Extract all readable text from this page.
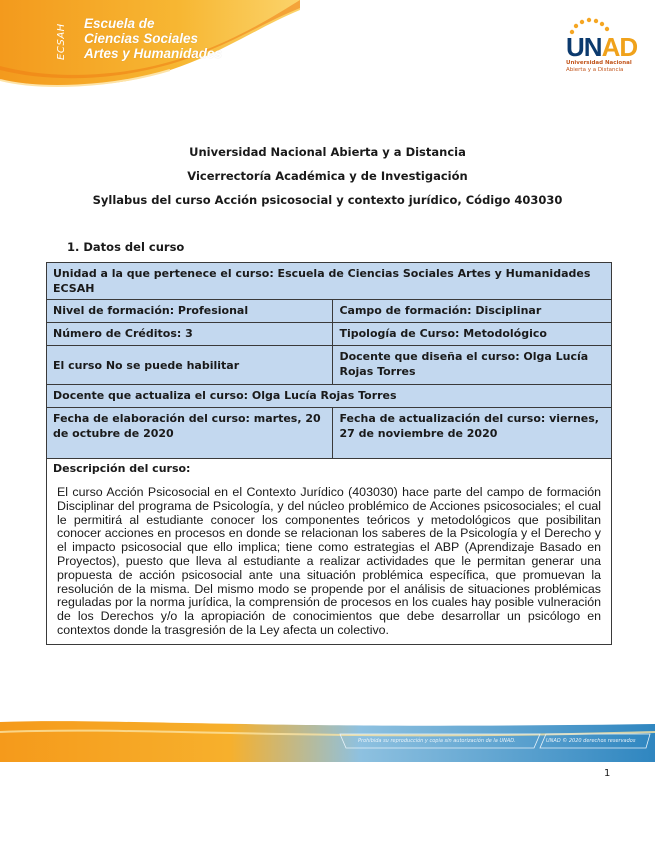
ECSAH
Escuela de
Ciencias Sociales
Artes y Humanidades	UNAD
Universidad Nacional
Abierta y a Distancia
Universidad Nacional Abierta y a Distancia
Vicerrectoría Académica y de Investigación
Syllabus del curso Acción psicosocial y contexto jurídico, Código 403030
1. Datos del curso
Unidad a la que pertenece el curso: Escuela de Ciencias Sociales Artes y Humanidades ECSAH	
Nivel de formación: Profesional	Campo de formación: Disciplinar
Número de Créditos: 3	Tipología de Curso: Metodológico
El curso No se puede habilitar	Docente que diseña el curso: Olga Lucía Rojas Torres
Docente que actualiza el curso: Olga Lucía Rojas Torres	
Fecha de elaboración del curso: martes, 20 de octubre de 2020	Fecha de actualización del curso: viernes, 27 de noviembre de 2020

Descripción del curso:
El curso Acción Psicosocial en el Contexto Jurídico (403030) hace parte del campo de formación Disciplinar del programa de Psicología, y del núcleo problémico de Acciones psicosociales; el cual le permitirá al estudiante conocer los componentes teóricos y metodológicos que posibilitan conocer acciones en procesos en donde se relacionan los saberes de la Psicología y el Derecho y el impacto psicosocial que ello implica; tiene como estrategias el ABP (Aprendizaje Basado en Proyectos), puesto que lleva al estudiante a realizar actividades que le permitan generar una propuesta de acción psicosocial ante una situación problémica específica, que promuevan la resolución de la misma. Del mismo modo se propende por el análisis de situaciones problémicas reguladas por la norma jurídica, la comprensión de procesos en los cuales hay posible vulneración de los Derechos y/o la apropiación de conocimientos que debe desarrollar un psicólogo en contextos donde la trasgresión de la Ley afecta un colectivo.	
Prohibida su reproducción y copia sin autorización de la UNAD.	UNAD © 2020 derechos reservados
1
